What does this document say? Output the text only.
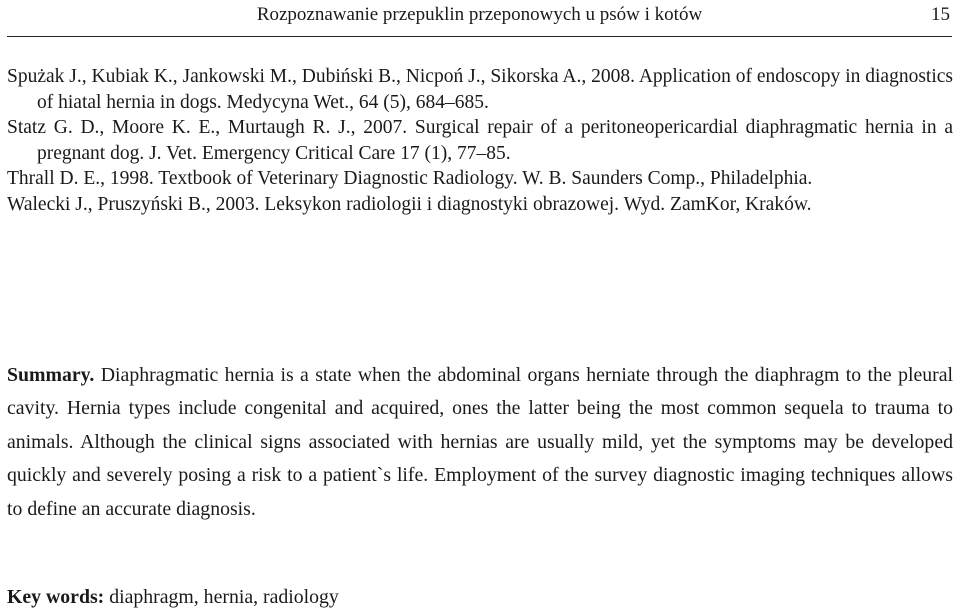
Rozpoznawanie przepuklin przeponowych u psów i kotów	15
Spużak J., Kubiak K., Jankowski M., Dubiński B., Nicpoń J., Sikorska A., 2008. Application of endoscopy in diagnostics of hiatal hernia in dogs. Medycyna Wet., 64 (5), 684–685.
Statz G. D., Moore K. E., Murtaugh R. J., 2007. Surgical repair of a peritoneopericardial diaphragmatic hernia in a pregnant dog. J. Vet. Emergency Critical Care 17 (1), 77–85.
Thrall D. E., 1998. Textbook of Veterinary Diagnostic Radiology. W. B. Saunders Comp., Philadelphia.
Walecki J., Pruszyński B., 2003. Leksykon radiologii i diagnostyki obrazowej. Wyd. ZamKor, Kraków.
Summary. Diaphragmatic hernia is a state when the abdominal organs herniate through the diaphragm to the pleural cavity. Hernia types include congenital and acquired, ones the latter being the most common sequela to trauma to animals. Although the clinical signs associated with hernias are usually mild, yet the symptoms may be developed quickly and severely posing a risk to a patient`s life. Employment of the survey diagnostic imaging techniques allows to define an accurate diagnosis.
Key words: diaphragm, hernia, radiology
